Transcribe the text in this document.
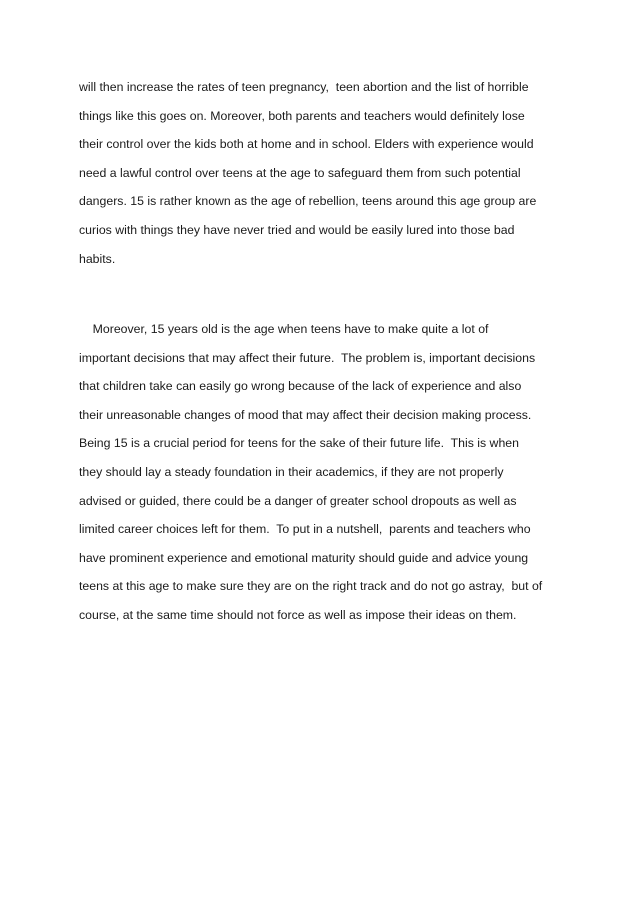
will then increase the rates of teen pregnancy,  teen abortion and the list of horrible
things like this goes on. Moreover, both parents and teachers would definitely lose
their control over the kids both at home and in school. Elders with experience would
need a lawful control over teens at the age to safeguard them from such potential
dangers. 15 is rather known as the age of rebellion, teens around this age group are
curios with things they have never tried and would be easily lured into those bad
habits.
Moreover, 15 years old is the age when teens have to make quite a lot of
important decisions that may affect their future.  The problem is, important decisions
that children take can easily go wrong because of the lack of experience and also
their unreasonable changes of mood that may affect their decision making process.
Being 15 is a crucial period for teens for the sake of their future life.  This is when
they should lay a steady foundation in their academics, if they are not properly
advised or guided, there could be a danger of greater school dropouts as well as
limited career choices left for them.  To put in a nutshell,  parents and teachers who
have prominent experience and emotional maturity should guide and advice young
teens at this age to make sure they are on the right track and do not go astray,  but of
course, at the same time should not force as well as impose their ideas on them.
